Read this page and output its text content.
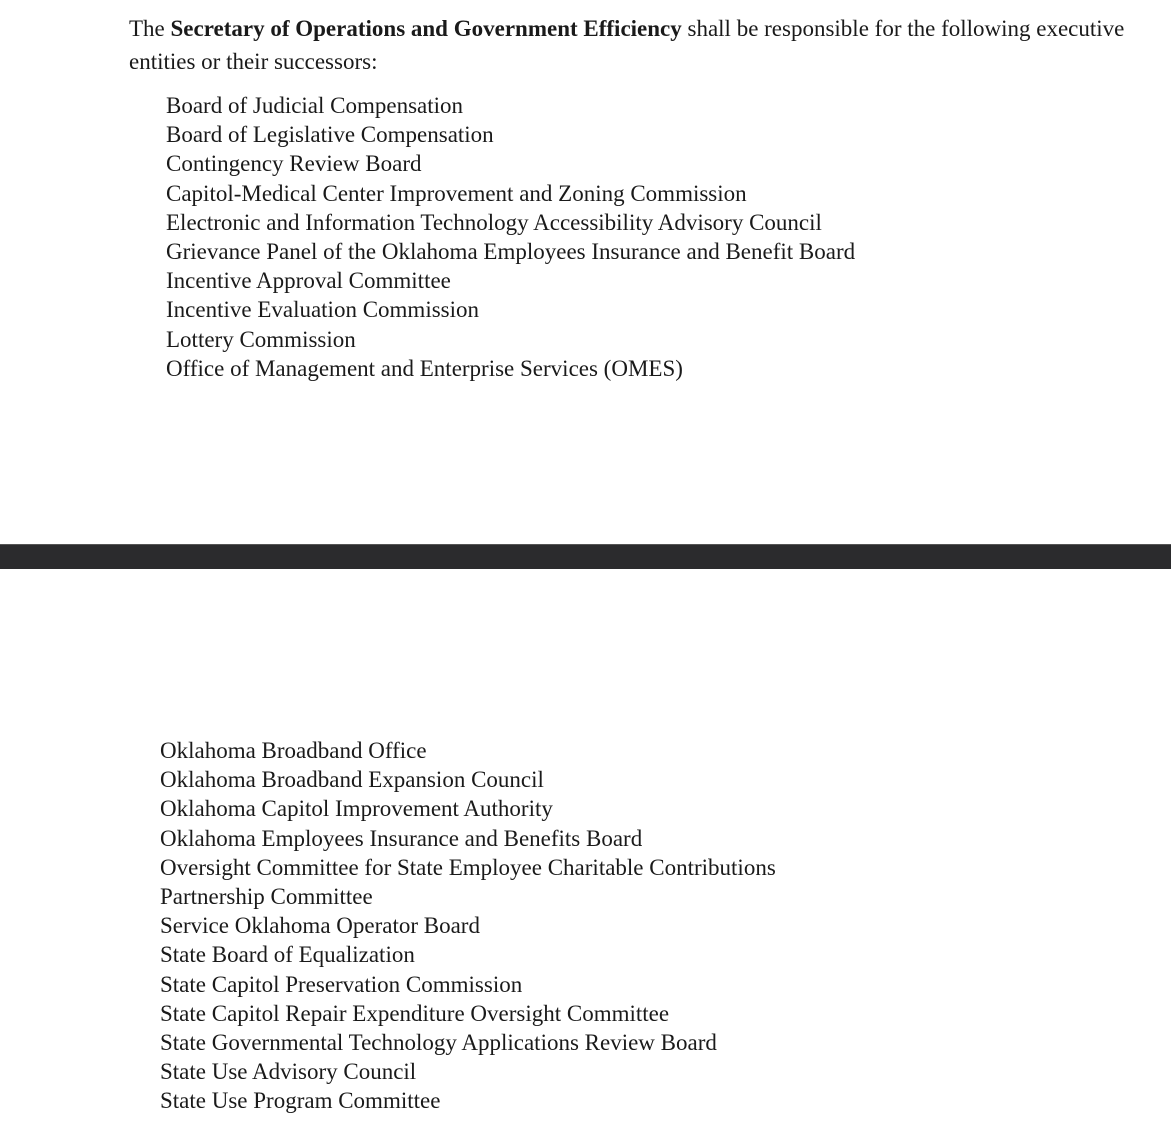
The Secretary of Operations and Government Efficiency shall be responsible for the following executive entities or their successors:

Board of Judicial Compensation
Board of Legislative Compensation
Contingency Review Board
Capitol-Medical Center Improvement and Zoning Commission
Electronic and Information Technology Accessibility Advisory Council
Grievance Panel of the Oklahoma Employees Insurance and Benefit Board
Incentive Approval Committee
Incentive Evaluation Commission
Lottery Commission
Office of Management and Enterprise Services (OMES)
Oklahoma Broadband Office
Oklahoma Broadband Expansion Council
Oklahoma Capitol Improvement Authority
Oklahoma Employees Insurance and Benefits Board
Oversight Committee for State Employee Charitable Contributions
Partnership Committee
Service Oklahoma Operator Board
State Board of Equalization
State Capitol Preservation Commission
State Capitol Repair Expenditure Oversight Committee
State Governmental Technology Applications Review Board
State Use Advisory Council
State Use Program Committee
